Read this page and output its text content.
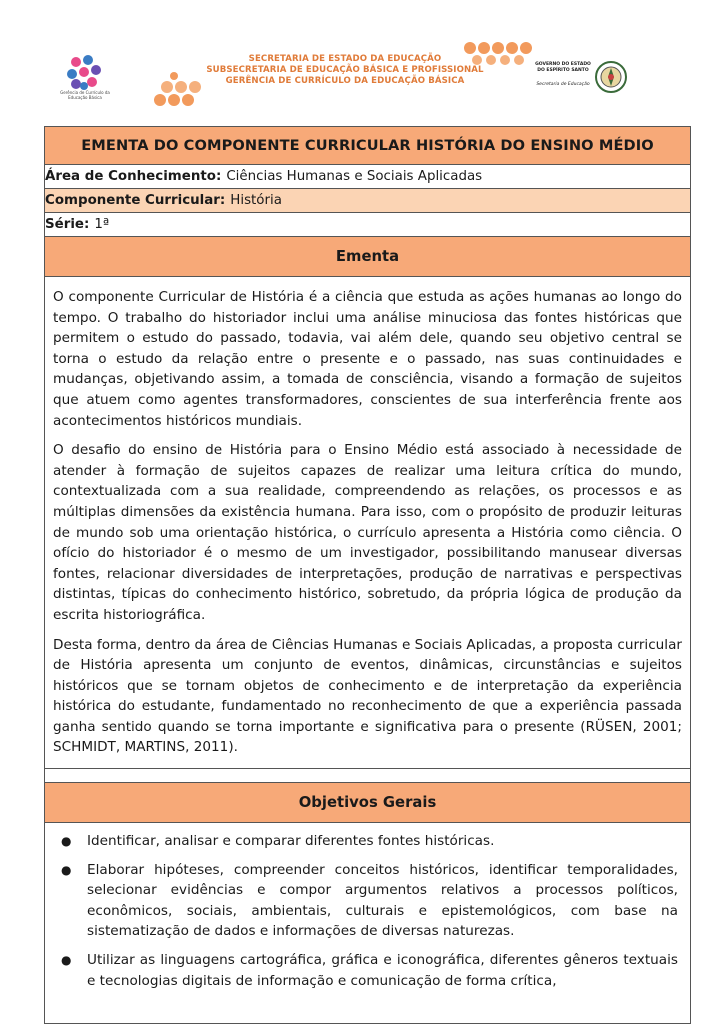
Gerência de Currículo da Educação Básica
SECRETARIA DE ESTADO DA EDUCAÇÃO
SUBSECRETARIA DE EDUCAÇÃO BÁSICA E PROFISSIONAL
GERÊNCIA DE CURRÍCULO DA EDUCAÇÃO BÁSICA
GOVERNO DO ESTADO
DO ESPÍRITO SANTO
Secretaria de Educação
EMENTA DO COMPONENTE CURRICULAR HISTÓRIA DO ENSINO MÉDIO
Área de Conhecimento: Ciências Humanas e Sociais Aplicadas
Componente Curricular: História
Série: 1ª
Ementa

O componente Curricular de História é a ciência que estuda as ações humanas ao longo do tempo. O trabalho do historiador inclui uma análise minuciosa das fontes históricas que permitem o estudo do passado, todavia, vai além dele, quando seu objetivo central se torna o estudo da relação entre o presente e o passado, nas suas continuidades e mudanças, objetivando assim, a tomada de consciência, visando a formação de sujeitos que atuem como agentes transformadores, conscientes de sua interferência frente aos acontecimentos históricos mundiais.

O desafio do ensino de História para o Ensino Médio está associado à necessidade de atender à formação de sujeitos capazes de realizar uma leitura crítica do mundo, contextualizada com a sua realidade, compreendendo as relações, os processos e as múltiplas dimensões da existência humana. Para isso, com o propósito de produzir leituras de mundo sob uma orientação histórica, o currículo apresenta a História como ciência. O ofício do historiador é o mesmo de um investigador, possibilitando manusear diversas fontes, relacionar diversidades de interpretações, produção de narrativas e perspectivas distintas, típicas do conhecimento histórico, sobretudo, da própria lógica de produção da escrita historiográfica.

Desta forma, dentro da área de Ciências Humanas e Sociais Aplicadas, a proposta curricular de História apresenta um conjunto de eventos, dinâmicas, circunstâncias e sujeitos históricos que se tornam objetos de conhecimento e de interpretação da experiência histórica do estudante, fundamentado no reconhecimento de que a experiência passada ganha sentido quando se torna importante e significativa para o presente (RÜSEN, 2001; SCHMIDT, MARTINS, 2011).

Objetivos Gerais
●	Identificar, analisar e comparar diferentes fontes históricas.
●	Elaborar hipóteses, compreender conceitos históricos, identificar temporalidades, selecionar evidências e compor argumentos relativos a processos políticos, econômicos, sociais, ambientais, culturais e epistemológicos, com base na sistematização de dados e informações de diversas naturezas.
●	Utilizar as linguagens cartográfica, gráfica e iconográfica, diferentes gêneros textuais e tecnologias digitais de informação e comunicação de forma crítica,
